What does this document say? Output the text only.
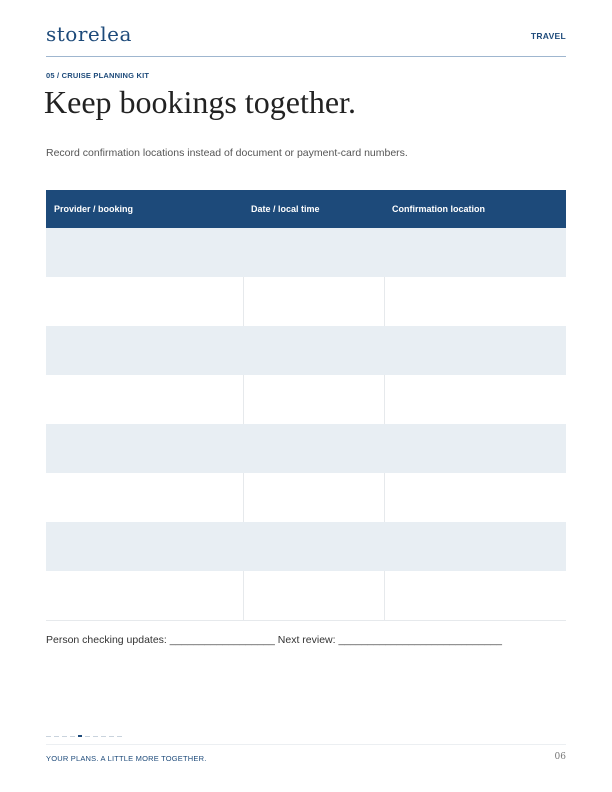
storelea	TRAVEL
05 / CRUISE PLANNING KIT
Keep bookings together.
Record confirmation locations instead of document or payment-card numbers.
Provider / booking	Date / local time	Confirmation location
Person checking updates: __________________ Next review: ____________________________
YOUR PLANS. A LITTLE MORE TOGETHER.	06
